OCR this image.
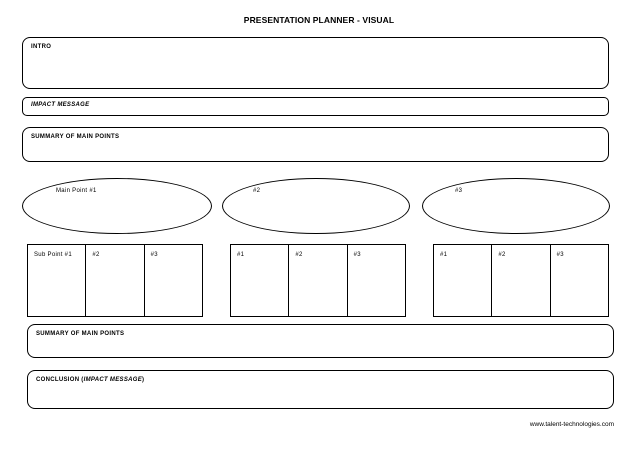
PRESENTATION PLANNER - VISUAL
INTRO
IMPACT MESSAGE
SUMMARY OF MAIN POINTS
Main Point #1	#2	#3
Sub Point #1	#2	#3	#1	#2	#3	#1	#2	#3
SUMMARY OF MAIN POINTS
CONCLUSION (IMPACT MESSAGE)
www.talent-technologies.com
